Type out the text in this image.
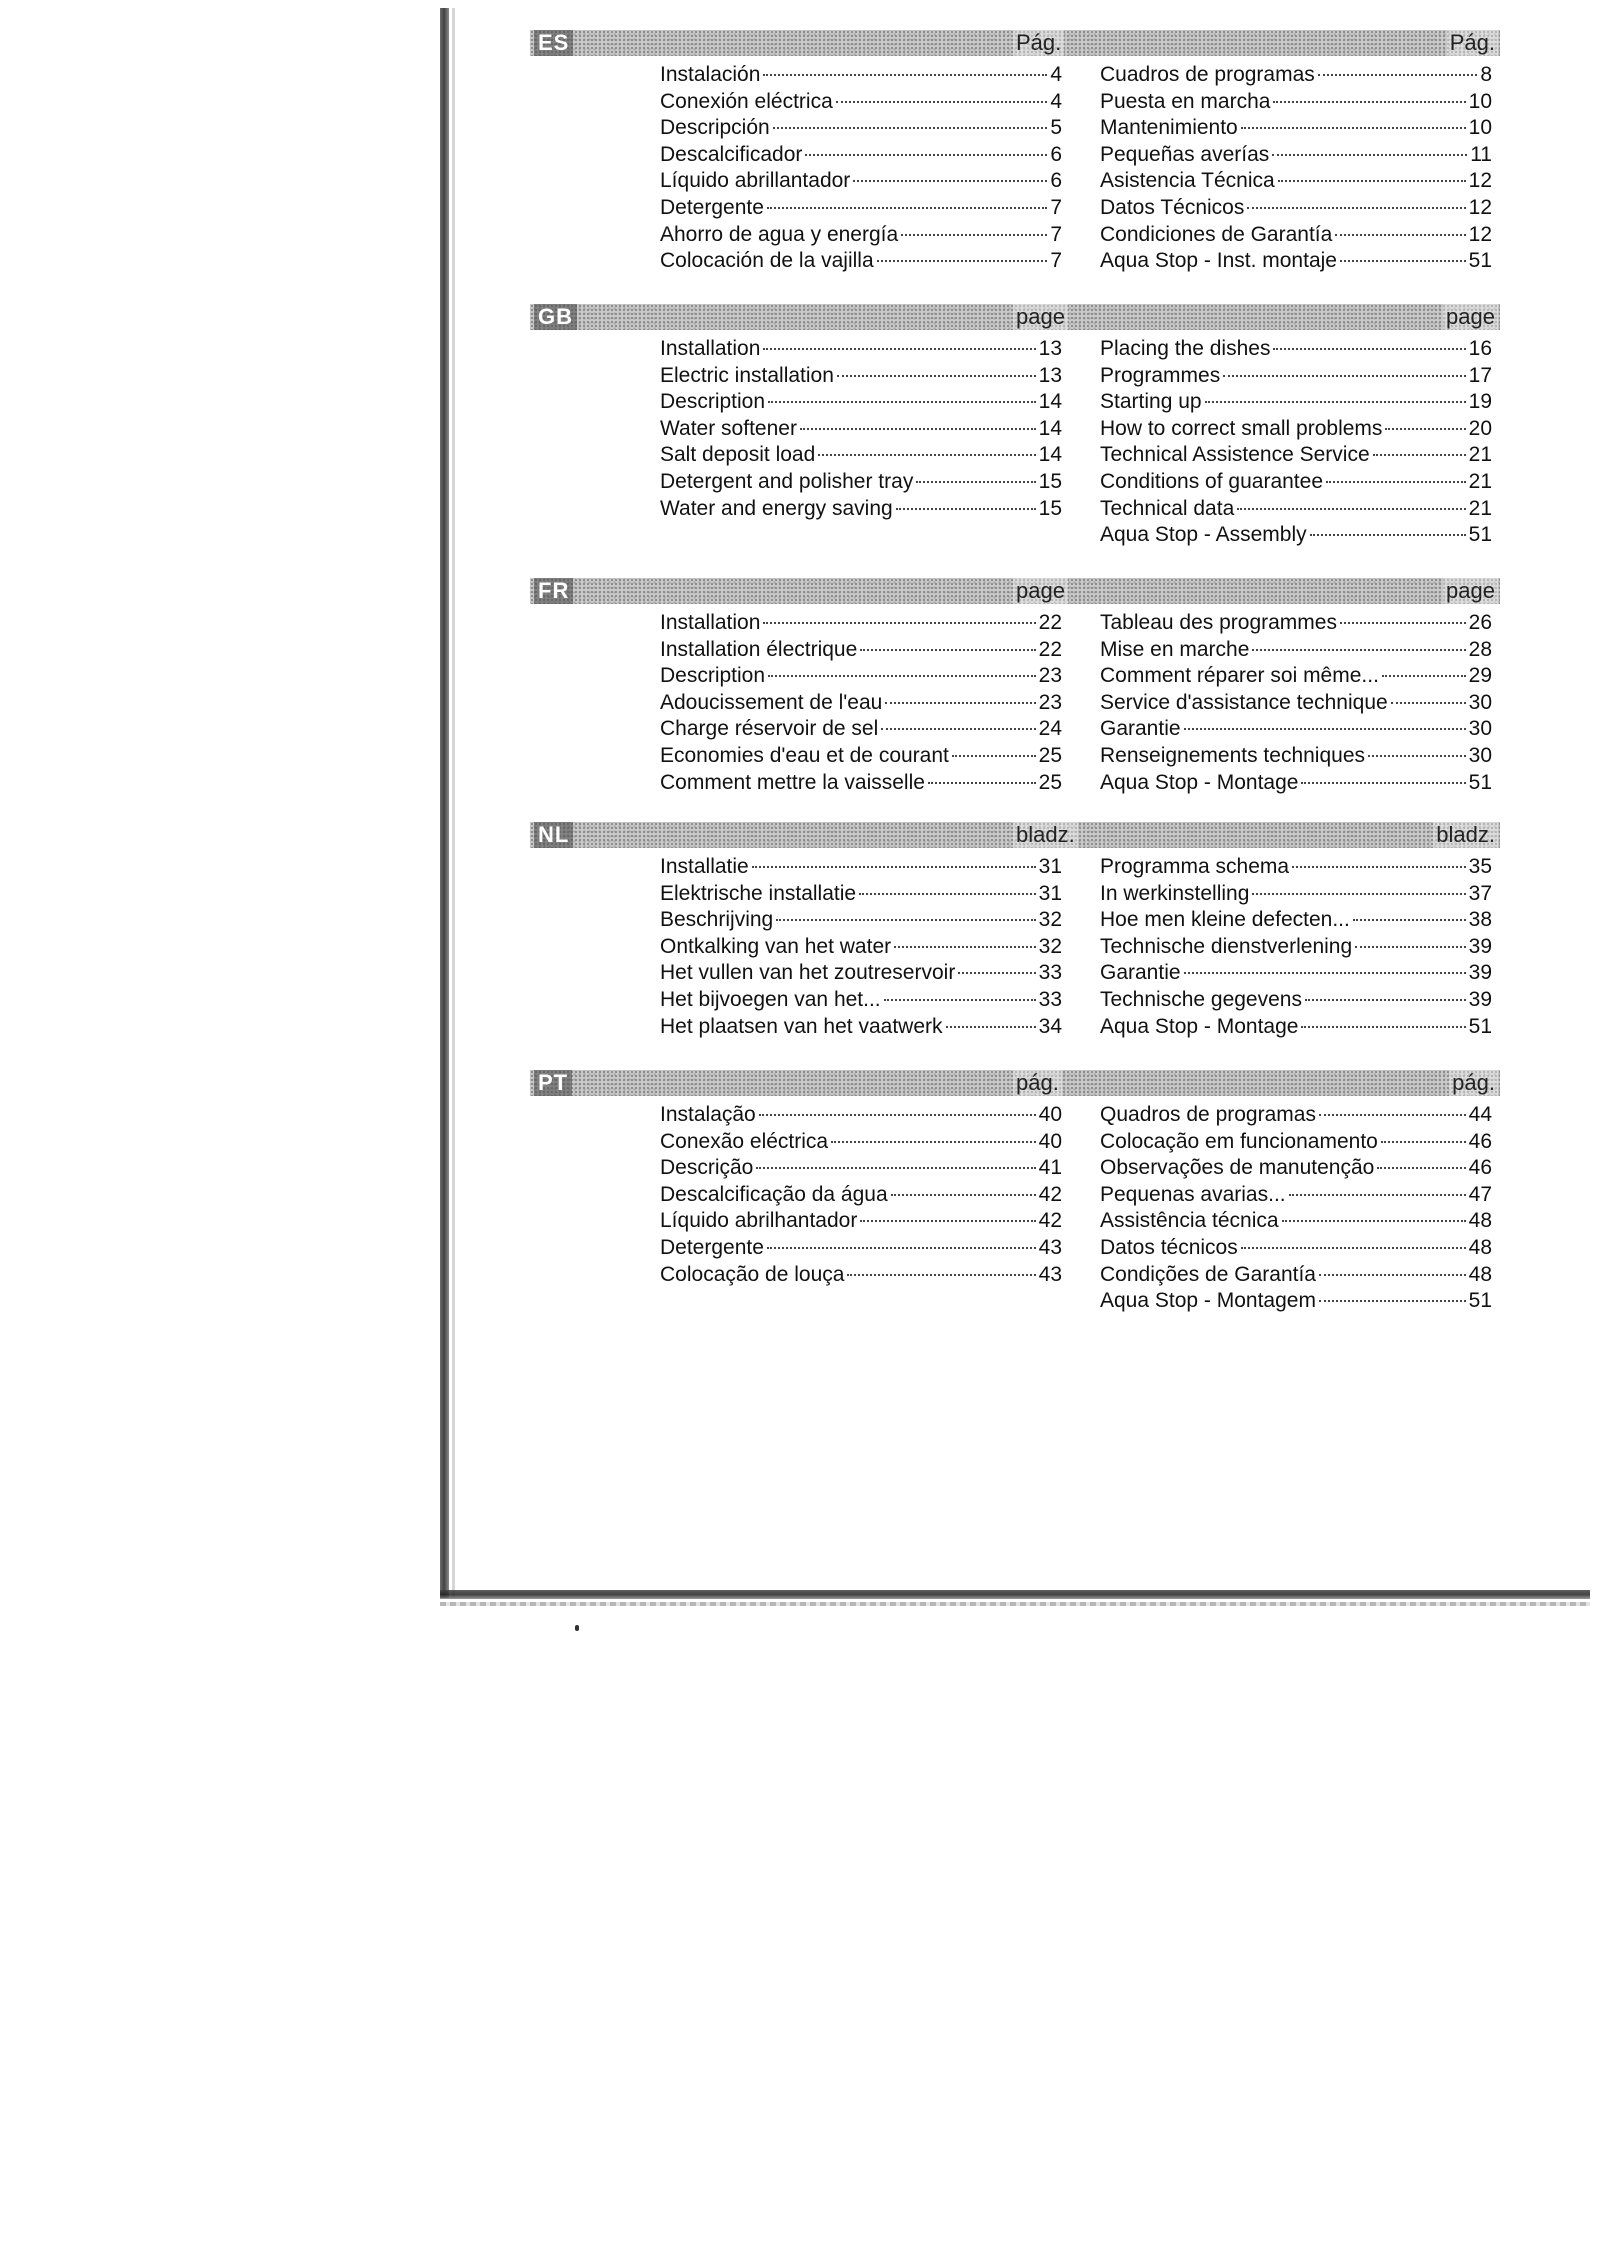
ES	Pág.	Pág.
Instalación	4
Conexión eléctrica	4
Descripción	5
Descalcificador	6
Líquido abrillantador	6
Detergente	7
Ahorro de agua y energía	7
Colocación de la vajilla	7
Cuadros de programas	8
Puesta en marcha	10
Mantenimiento	10
Pequeñas averías	11
Asistencia Técnica	12
Datos Técnicos	12
Condiciones de Garantía	12
Aqua Stop - Inst. montaje	51
GB	page	page
Installation	13
Electric installation	13
Description	14
Water softener	14
Salt deposit load	14
Detergent and polisher tray	15
Water and energy saving	15
Placing the dishes	16
Programmes	17
Starting up	19
How to correct small problems	20
Technical Assistence Service	21
Conditions of guarantee	21
Technical data	21
Aqua Stop - Assembly	51
FR	page	page
Installation	22
Installation électrique	22
Description	23
Adoucissement de l'eau	23
Charge réservoir de sel	24
Economies d'eau et de courant	25
Comment mettre la vaisselle	25
Tableau des programmes	26
Mise en marche	28
Comment réparer soi même...	29
Service d'assistance technique	30
Garantie	30
Renseignements techniques	30
Aqua Stop - Montage	51
NL	bladz.	bladz.
Installatie	31
Elektrische installatie	31
Beschrijving	32
Ontkalking van het water	32
Het vullen van het zoutreservoir	33
Het bijvoegen van het...	33
Het plaatsen van het vaatwerk	34
Programma schema	35
In werkinstelling	37
Hoe men kleine defecten...	38
Technische dienstverlening	39
Garantie	39
Technische gegevens	39
Aqua Stop - Montage	51
PT	pág.	pág.
Instalação	40
Conexão eléctrica	40
Descrição	41
Descalcificação da água	42
Líquido abrilhantador	42
Detergente	43
Colocação de louça	43
Quadros de programas	44
Colocação em funcionamento	46
Observações de manutenção	46
Pequenas avarias...	47
Assistência técnica	48
Datos técnicos	48
Condições de Garantía	48
Aqua Stop - Montagem	51
